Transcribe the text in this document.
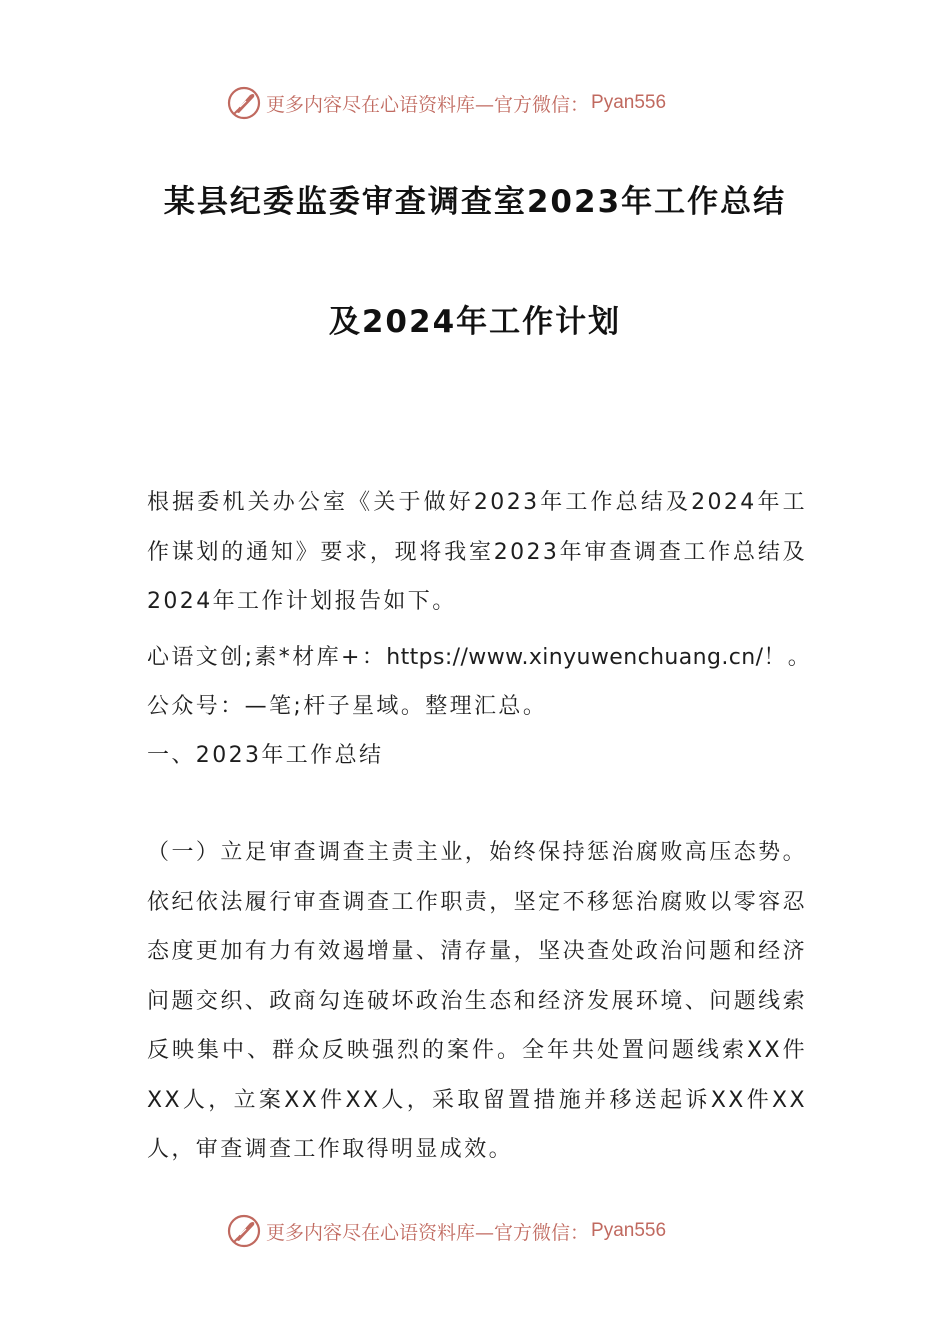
更多内容尽在心语资料库—官方微信： Pyan556
某县纪委监委审查调查室2023年工作总结
及2024年工作计划

根据委机关办公室《关于做好2023年工作总结及2024年工作谋划的通知》要求，现将我室2023年审查调查工作总结及2024年工作计划报告如下。

心语文创;素*材库+：https://www.xinyuwenchuang.cn/！。

公众号：—笔;杆子星域。整理汇总。

一、2023年工作总结

（一）立足审查调查主责主业，始终保持惩治腐败高压态势。依纪依法履行审查调查工作职责，坚定不移惩治腐败以零容忍态度更加有力有效遏增量、清存量，坚决查处政治问题和经济问题交织、政商勾连破坏政治生态和经济发展环境、问题线索反映集中、群众反映强烈的案件。全年共处置问题线索XX件XX人，立案XX件XX人，采取留置措施并移送起诉XX件XX人，审查调查工作取得明显成效。

更多内容尽在心语资料库—官方微信： Pyan556
